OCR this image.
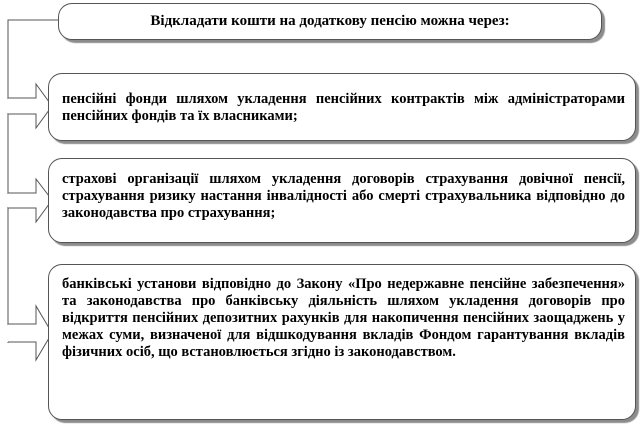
Відкладати кошти на додаткову пенсію можна через:
пенсійні фонди шляхом укладення пенсійних контрактів між адміністраторами пенсійних фондів та їх власниками;
страхові організації шляхом укладення договорів страхування довічної пенсії, страхування ризику настання інвалідності або смерті страхувальника відповідно до законодавства про страхування;
банківські установи відповідно до Закону «Про недержавне пенсійне забезпечення» та законодавства про банківську діяльність шляхом укладення договорів про відкриття пенсійних депозитних рахунків для накопичення пенсійних заощаджень у межах суми, визначеної для відшкодування вкладів Фондом гарантування вкладів фізичних осіб, що встановлюється згідно із законодавством.
